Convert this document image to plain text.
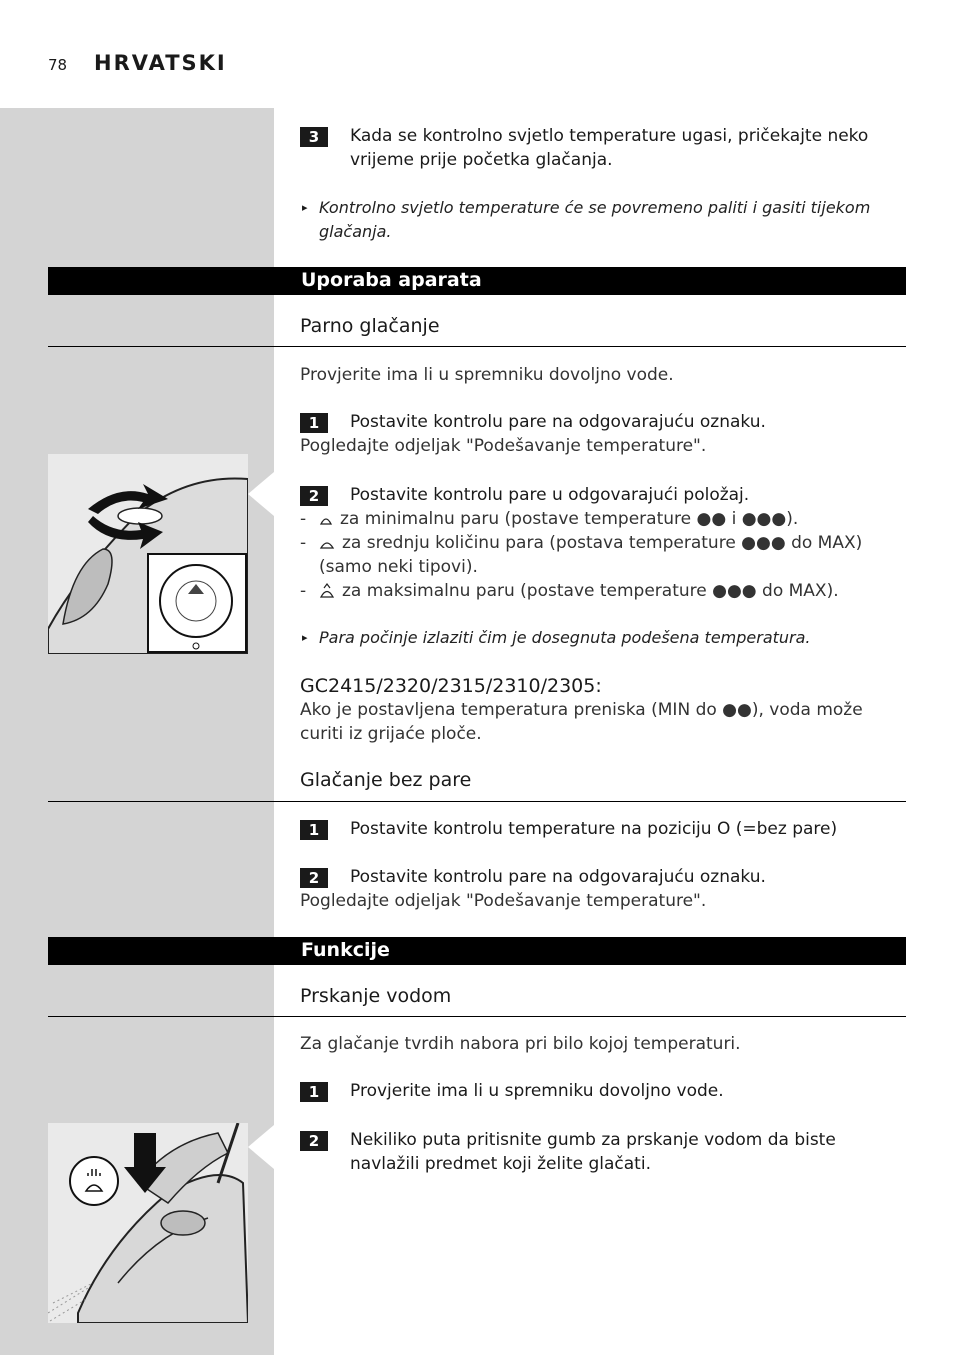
78 HRVATSKI
3	Kada se kontrolno svjetlo temperature ugasi, pričekajte neko
vrijeme prije početka glačanja.
▸ Kontrolno svjetlo temperature će se povremeno paliti i gasiti tijekom
glačanja.
Uporaba aparata
Parno glačanje
Provjerite ima li u spremniku dovoljno vode.
1	Postavite kontrolu pare na odgovarajuću oznaku.
Pogledajte odjeljak "Podešavanje temperature".
2	Postavite kontrolu pare u odgovarajući položaj.
- za minimalnu paru (postave temperature ●● i ●●●).
- za srednju količinu para (postava temperature ●●● do MAX)
(samo neki tipovi).
- za maksimalnu paru (postave temperature ●●● do MAX).
▸ Para počinje izlaziti čim je dosegnuta podešena temperatura.
GC2415/2320/2315/2310/2305:
Ako je postavljena temperatura preniska (MIN do ●●), voda može
curiti iz grijaće ploče.
Glačanje bez pare
1	Postavite kontrolu temperature na poziciju O (=bez pare)
2	Postavite kontrolu pare na odgovarajuću oznaku.
Pogledajte odjeljak "Podešavanje temperature".
Funkcije
Prskanje vodom
Za glačanje tvrdih nabora pri bilo kojoj temperaturi.
1	Provjerite ima li u spremniku dovoljno vode.
2	Nekiliko puta pritisnite gumb za prskanje vodom da biste
navlažili predmet koji želite glačati.
